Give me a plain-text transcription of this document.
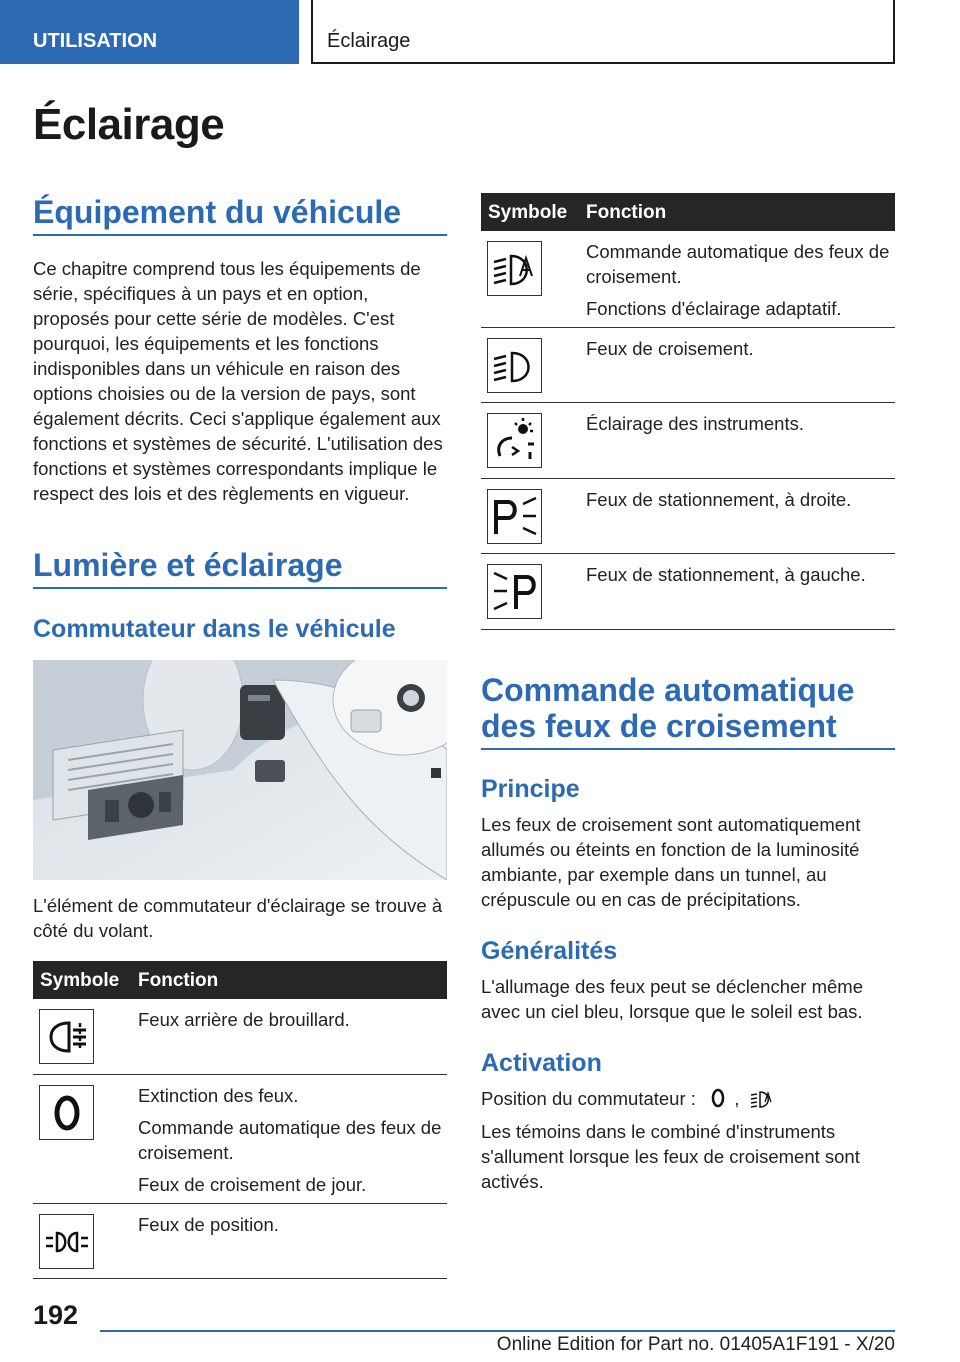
UTILISATION	Éclairage
Éclairage
Équipement du véhicule
Ce chapitre comprend tous les équipements de série, spécifiques à un pays et en option, proposés pour cette série de modèles. C'est pourquoi, les équipements et les fonctions indisponibles dans un véhicule en raison des options choisies ou de la version de pays, sont également décrits. Ceci s'applique également aux fonctions et systèmes de sécurité. L'utilisation des fonctions et systèmes correspondants implique le respect des lois et des règlements en vigueur.
Lumière et éclairage
Commutateur dans le véhicule
L'élément de commutateur d'éclairage se trouve à côté du volant.
Symbole Fonction

Feux arrière de brouillard.

Extinction des feux.

Commande automatique des feux de croisement.

Feux de croisement de jour.

Feux de position.

Symbole Fonction

Commande automatique des feux de croisement.

Fonctions d'éclairage adaptatif.

Feux de croisement.

Éclairage des instruments.

Feux de stationnement, à droite.

Feux de stationnement, à gauche.

Commande automatique des feux de croisement
Principe
Les feux de croisement sont automatiquement allumés ou éteints en fonction de la luminosité ambiante, par exemple dans un tunnel, au crépuscule ou en cas de précipitations.
Généralités
L'allumage des feux peut se déclencher même avec un ciel bleu, lorsque que le soleil est bas.
Activation
Position du commutateur : ,
Les témoins dans le combiné d'instruments s'allument lorsque les feux de croisement sont activés.
192
Online Edition for Part no. 01405A1F191 - X/20
